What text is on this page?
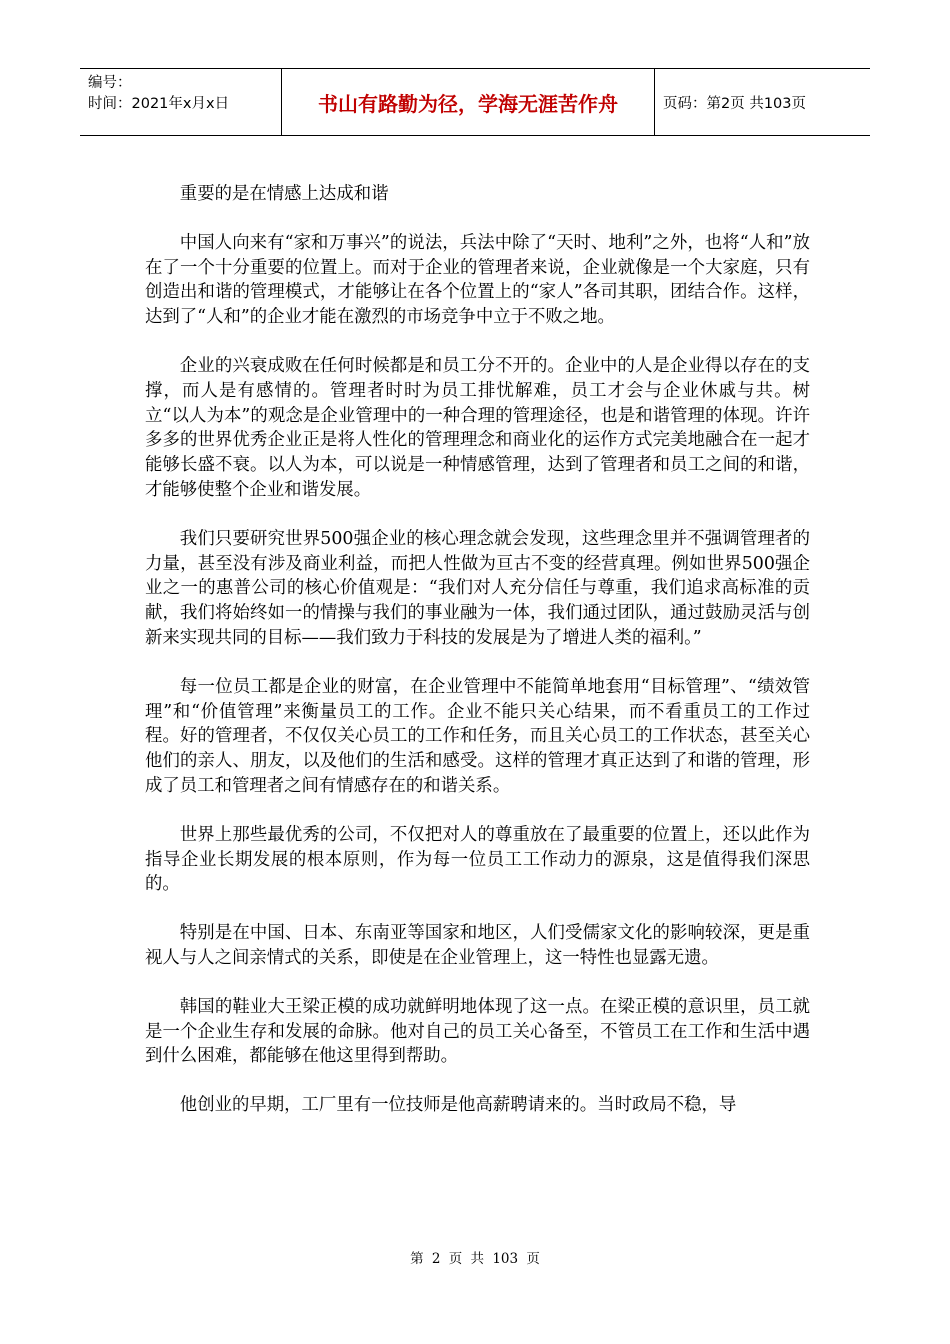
编号：
时间：2021年x月x日	书山有路勤为径，学海无涯苦作舟	页码：第2页 共103页

重要的是在情感上达成和谐

中国人向来有“家和万事兴”的说法，兵法中除了“天时、地利”之外，也将“人和”放在了一个十分重要的位置上。而对于企业的管理者来说，企业就像是一个大家庭，只有创造出和谐的管理模式，才能够让在各个位置上的“家人”各司其职，团结合作。这样，达到了“人和”的企业才能在激烈的市场竞争中立于不败之地。

企业的兴衰成败在任何时候都是和员工分不开的。企业中的人是企业得以存在的支撑，而人是有感情的。管理者时时为员工排忧解难，员工才会与企业休戚与共。树立“以人为本”的观念是企业管理中的一种合理的管理途径，也是和谐管理的体现。许许多多的世界优秀企业正是将人性化的管理理念和商业化的运作方式完美地融合在一起才能够长盛不衰。以人为本，可以说是一种情感管理，达到了管理者和员工之间的和谐，才能够使整个企业和谐发展。

我们只要研究世界500强企业的核心理念就会发现，这些理念里并不强调管理者的力量，甚至没有涉及商业利益，而把人性做为亘古不变的经营真理。例如世界500强企业之一的惠普公司的核心价值观是：“我们对人充分信任与尊重，我们追求高标准的贡献，我们将始终如一的情操与我们的事业融为一体，我们通过团队，通过鼓励灵活与创新来实现共同的目标——我们致力于科技的发展是为了增进人类的福利。”

每一位员工都是企业的财富，在企业管理中不能简单地套用“目标管理”、“绩效管理”和“价值管理”来衡量员工的工作。企业不能只关心结果，而不看重员工的工作过程。好的管理者，不仅仅关心员工的工作和任务，而且关心员工的工作状态，甚至关心他们的亲人、朋友，以及他们的生活和感受。这样的管理才真正达到了和谐的管理，形成了员工和管理者之间有情感存在的和谐关系。

世界上那些最优秀的公司，不仅把对人的尊重放在了最重要的位置上，还以此作为指导企业长期发展的根本原则，作为每一位员工工作动力的源泉，这是值得我们深思的。

特别是在中国、日本、东南亚等国家和地区，人们受儒家文化的影响较深，更是重视人与人之间亲情式的关系，即使是在企业管理上，这一特性也显露无遗。

韩国的鞋业大王梁正模的成功就鲜明地体现了这一点。在梁正模的意识里，员工就是一个企业生存和发展的命脉。他对自己的员工关心备至，不管员工在工作和生活中遇到什么困难，都能够在他这里得到帮助。

他创业的早期，工厂里有一位技师是他高薪聘请来的。当时政局不稳，导

第 2 页 共 103 页
